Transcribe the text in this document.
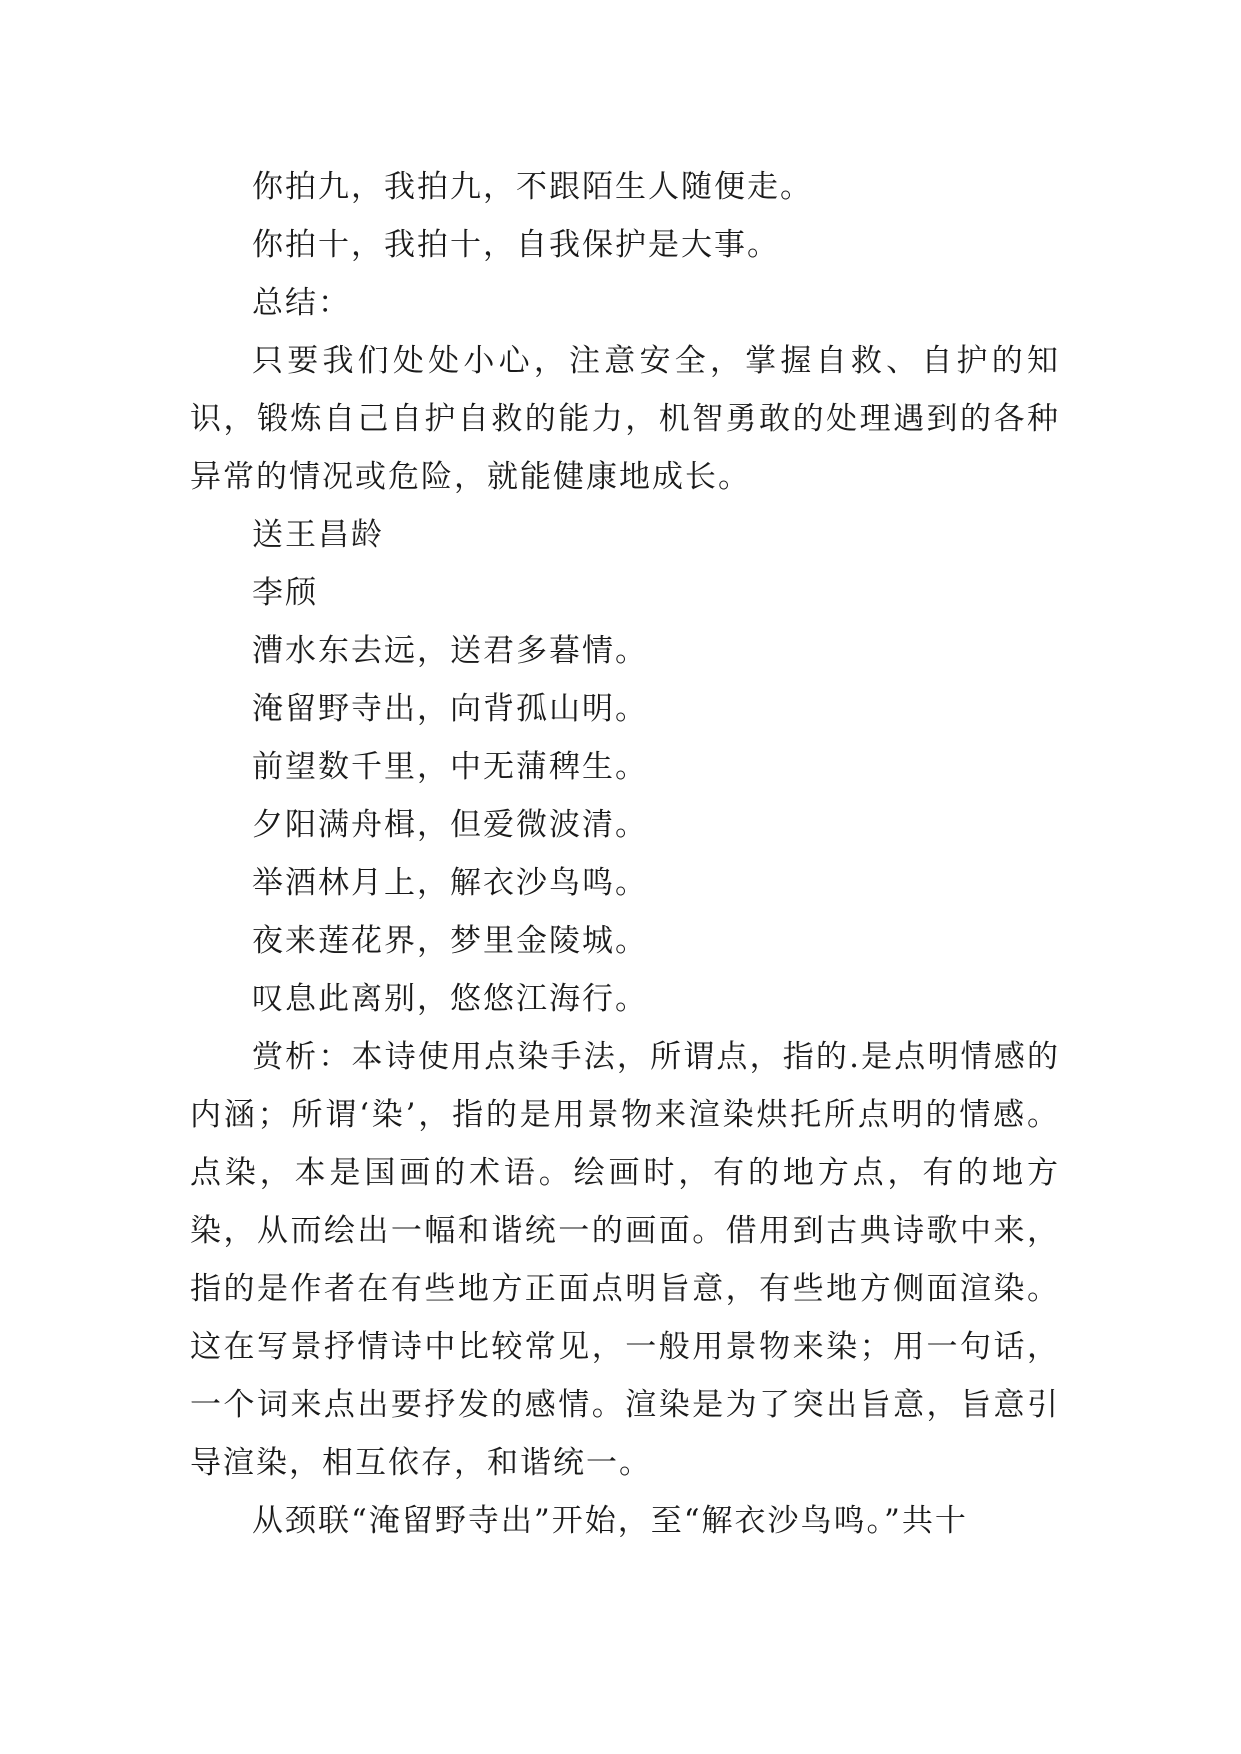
你拍九，我拍九，不跟陌生人随便走。

你拍十，我拍十，自我保护是大事。

总结：

只要我们处处小心，注意安全，掌握自救、自护的知识，锻炼自己自护自救的能力，机智勇敢的处理遇到的各种异常的情况或危险，就能健康地成长。

送王昌龄

李颀

漕水东去远，送君多暮情。

淹留野寺出，向背孤山明。

前望数千里，中无蒲稗生。

夕阳满舟楫，但爱微波清。

举酒林月上，解衣沙鸟鸣。

夜来莲花界，梦里金陵城。

叹息此离别，悠悠江海行。

赏析：本诗使用点染手法，所谓点，指的.是点明情感的内涵；所谓‘染’，指的是用景物来渲染烘托所点明的情感。点染，本是国画的术语。绘画时，有的地方点，有的地方染，从而绘出一幅和谐统一的画面。借用到古典诗歌中来，指的是作者在有些地方正面点明旨意，有些地方侧面渲染。这在写景抒情诗中比较常见，一般用景物来染；用一句话，一个词来点出要抒发的感情。渲染是为了突出旨意，旨意引导渲染，相互依存，和谐统一。

从颈联“淹留野寺出”开始，至“解衣沙鸟鸣。”共十
